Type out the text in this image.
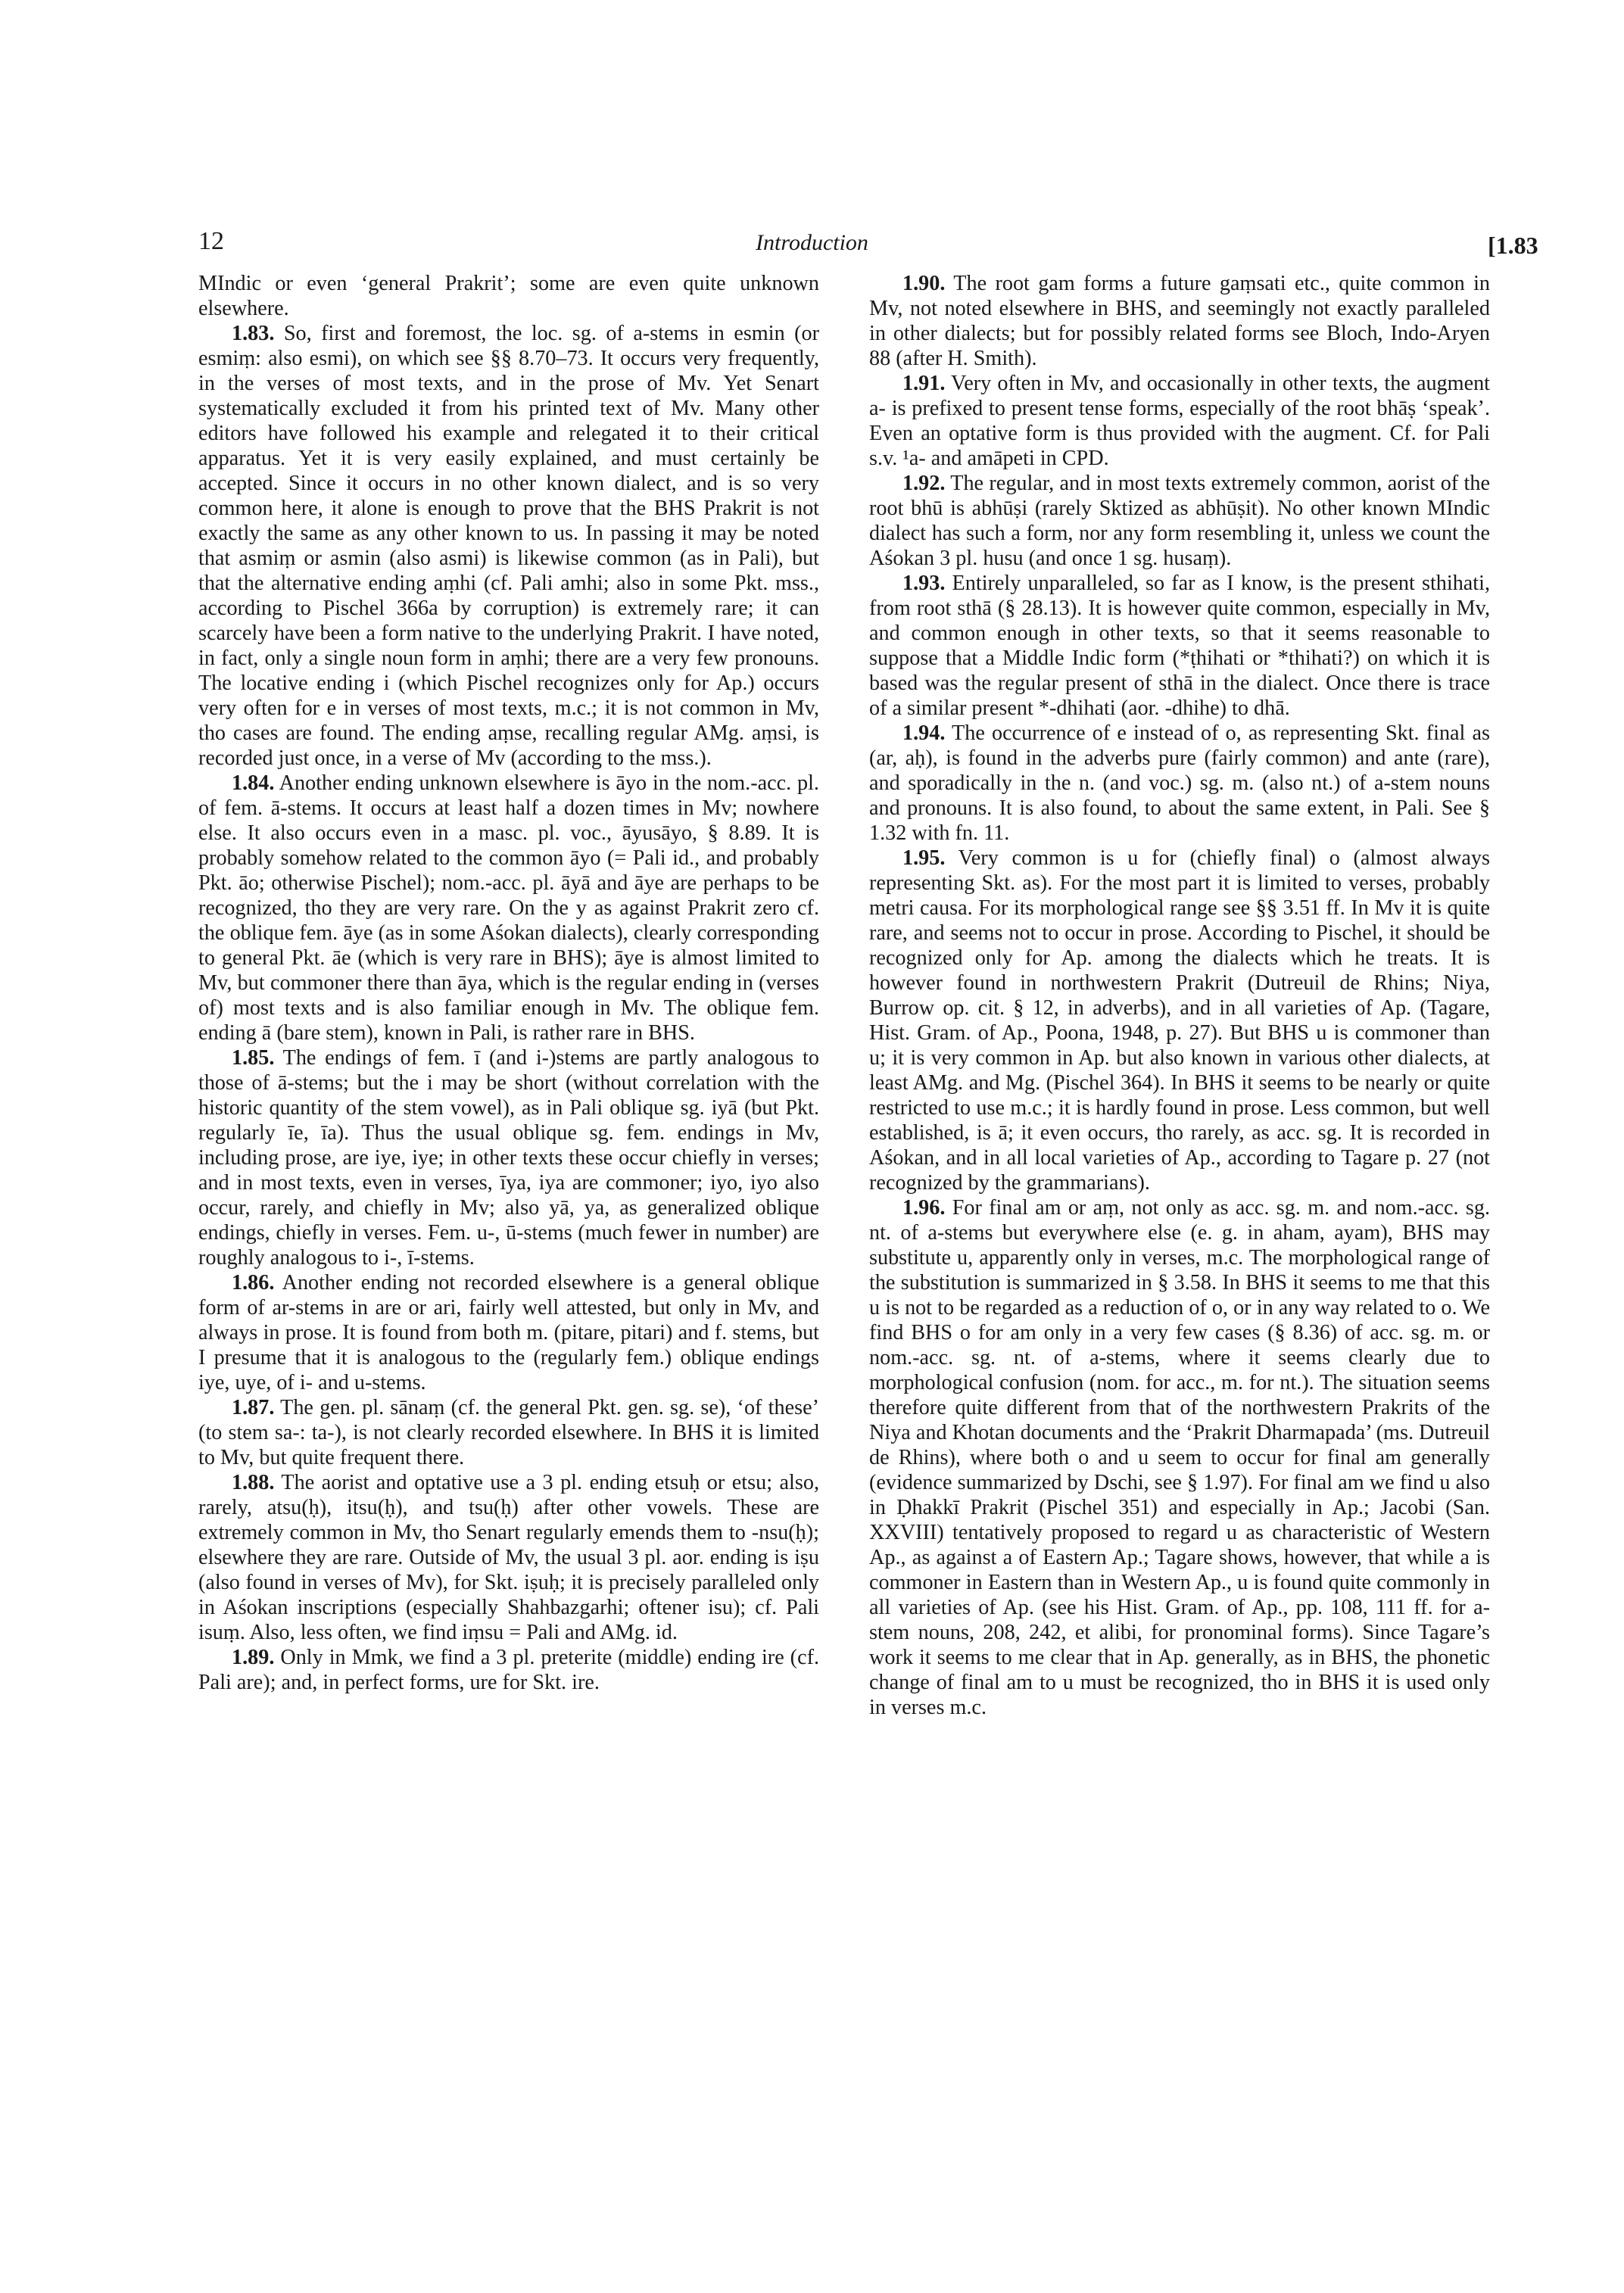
12	Introduction	[1.83

MIndic or even ‘general Prakrit’; some are even quite unknown elsewhere.

1.83. So, first and foremost, the loc. sg. of a-stems in esmin (or esmiṃ: also esmi), on which see §§ 8.70–73. It occurs very frequently, in the verses of most texts, and in the prose of Mv. Yet Senart systematically excluded it from his printed text of Mv. Many other editors have followed his example and relegated it to their critical apparatus. Yet it is very easily explained, and must certainly be accepted. Since it occurs in no other known dialect, and is so very common here, it alone is enough to prove that the BHS Prakrit is not exactly the same as any other known to us. In passing it may be noted that asmiṃ or asmin (also asmi) is likewise common (as in Pali), but that the alternative ending aṃhi (cf. Pali amhi; also in some Pkt. mss., according to Pischel 366a by corruption) is extremely rare; it can scarcely have been a form native to the underlying Prakrit. I have noted, in fact, only a single noun form in aṃhi; there are a very few pronouns. The locative ending i (which Pischel recognizes only for Ap.) occurs very often for e in verses of most texts, m.c.; it is not common in Mv, tho cases are found. The ending aṃse, recalling regular AMg. aṃsi, is recorded just once, in a verse of Mv (according to the mss.).

1.84. Another ending unknown elsewhere is āyo in the nom.-acc. pl. of fem. ā-stems. It occurs at least half a dozen times in Mv; nowhere else. It also occurs even in a masc. pl. voc., āyusāyo, § 8.89. It is probably somehow related to the common āyo (= Pali id., and probably Pkt. āo; otherwise Pischel); nom.-acc. pl. āyā and āye are perhaps to be recognized, tho they are very rare. On the y as against Prakrit zero cf. the oblique fem. āye (as in some Aśokan dialects), clearly corresponding to general Pkt. āe (which is very rare in BHS); āye is almost limited to Mv, but commoner there than āya, which is the regular ending in (verses of) most texts and is also familiar enough in Mv. The oblique fem. ending ā (bare stem), known in Pali, is rather rare in BHS.

1.85. The endings of fem. ī (and i-)stems are partly analogous to those of ā-stems; but the i may be short (without correlation with the historic quantity of the stem vowel), as in Pali oblique sg. iyā (but Pkt. regularly īe, īa). Thus the usual oblique sg. fem. endings in Mv, including prose, are iye, iye; in other texts these occur chiefly in verses; and in most texts, even in verses, īya, iya are commoner; iyo, iyo also occur, rarely, and chiefly in Mv; also yā, ya, as generalized oblique endings, chiefly in verses. Fem. u-, ū-stems (much fewer in number) are roughly analogous to i-, ī-stems.

1.86. Another ending not recorded elsewhere is a general oblique form of ar-stems in are or ari, fairly well attested, but only in Mv, and always in prose. It is found from both m. (pitare, pitari) and f. stems, but I presume that it is analogous to the (regularly fem.) oblique endings iye, uye, of i- and u-stems.

1.87. The gen. pl. sānaṃ (cf. the general Pkt. gen. sg. se), ‘of these’ (to stem sa-: ta-), is not clearly recorded elsewhere. In BHS it is limited to Mv, but quite frequent there.

1.88. The aorist and optative use a 3 pl. ending etsuḥ or etsu; also, rarely, atsu(ḥ), itsu(ḥ), and tsu(ḥ) after other vowels. These are extremely common in Mv, tho Senart regularly emends them to -nsu(ḥ); elsewhere they are rare. Outside of Mv, the usual 3 pl. aor. ending is iṣu (also found in verses of Mv), for Skt. iṣuḥ; it is precisely paralleled only in Aśokan inscriptions (especially Shahbazgarhi; oftener isu); cf. Pali isuṃ. Also, less often, we find iṃsu = Pali and AMg. id.

1.89. Only in Mmk, we find a 3 pl. preterite (middle) ending ire (cf. Pali are); and, in perfect forms, ure for Skt. ire.

1.90. The root gam forms a future gaṃsati etc., quite common in Mv, not noted elsewhere in BHS, and seemingly not exactly paralleled in other dialects; but for possibly related forms see Bloch, Indo-Aryen 88 (after H. Smith).

1.91. Very often in Mv, and occasionally in other texts, the augment a- is prefixed to present tense forms, especially of the root bhāṣ ‘speak’. Even an optative form is thus provided with the augment. Cf. for Pali s.v. ¹a- and amāpeti in CPD.

1.92. The regular, and in most texts extremely common, aorist of the root bhū is abhūṣi (rarely Sktized as abhūṣit). No other known MIndic dialect has such a form, nor any form resembling it, unless we count the Aśokan 3 pl. husu (and once 1 sg. husaṃ).

1.93. Entirely unparalleled, so far as I know, is the present sthihati, from root sthā (§ 28.13). It is however quite common, especially in Mv, and common enough in other texts, so that it seems reasonable to suppose that a Middle Indic form (*ṭhihati or *thihati?) on which it is based was the regular present of sthā in the dialect. Once there is trace of a similar present *-dhihati (aor. -dhihe) to dhā.

1.94. The occurrence of e instead of o, as representing Skt. final as (ar, aḥ), is found in the adverbs pure (fairly common) and ante (rare), and sporadically in the n. (and voc.) sg. m. (also nt.) of a-stem nouns and pronouns. It is also found, to about the same extent, in Pali. See § 1.32 with fn. 11.

1.95. Very common is u for (chiefly final) o (almost always representing Skt. as). For the most part it is limited to verses, probably metri causa. For its morphological range see §§ 3.51 ff. In Mv it is quite rare, and seems not to occur in prose. According to Pischel, it should be recognized only for Ap. among the dialects which he treats. It is however found in northwestern Prakrit (Dutreuil de Rhins; Niya, Burrow op. cit. § 12, in adverbs), and in all varieties of Ap. (Tagare, Hist. Gram. of Ap., Poona, 1948, p. 27). But BHS u is commoner than u; it is very common in Ap. but also known in various other dialects, at least AMg. and Mg. (Pischel 364). In BHS it seems to be nearly or quite restricted to use m.c.; it is hardly found in prose. Less common, but well established, is ā; it even occurs, tho rarely, as acc. sg. It is recorded in Aśokan, and in all local varieties of Ap., according to Tagare p. 27 (not recognized by the grammarians).

1.96. For final am or aṃ, not only as acc. sg. m. and nom.-acc. sg. nt. of a-stems but everywhere else (e. g. in aham, ayam), BHS may substitute u, apparently only in verses, m.c. The morphological range of the substitution is summarized in § 3.58. In BHS it seems to me that this u is not to be regarded as a reduction of o, or in any way related to o. We find BHS o for am only in a very few cases (§ 8.36) of acc. sg. m. or nom.-acc. sg. nt. of a-stems, where it seems clearly due to morphological confusion (nom. for acc., m. for nt.). The situation seems therefore quite different from that of the northwestern Prakrits of the Niya and Khotan documents and the ‘Prakrit Dharmapada’ (ms. Dutreuil de Rhins), where both o and u seem to occur for final am generally (evidence summarized by Dschi, see § 1.97). For final am we find u also in Ḍhakkī Prakrit (Pischel 351) and especially in Ap.; Jacobi (San. XXVIII) tentatively proposed to regard u as characteristic of Western Ap., as against a of Eastern Ap.; Tagare shows, however, that while a is commoner in Eastern than in Western Ap., u is found quite commonly in all varieties of Ap. (see his Hist. Gram. of Ap., pp. 108, 111 ff. for a-stem nouns, 208, 242, et alibi, for pronominal forms). Since Tagare’s work it seems to me clear that in Ap. generally, as in BHS, the phonetic change of final am to u must be recognized, tho in BHS it is used only in verses m.c.
